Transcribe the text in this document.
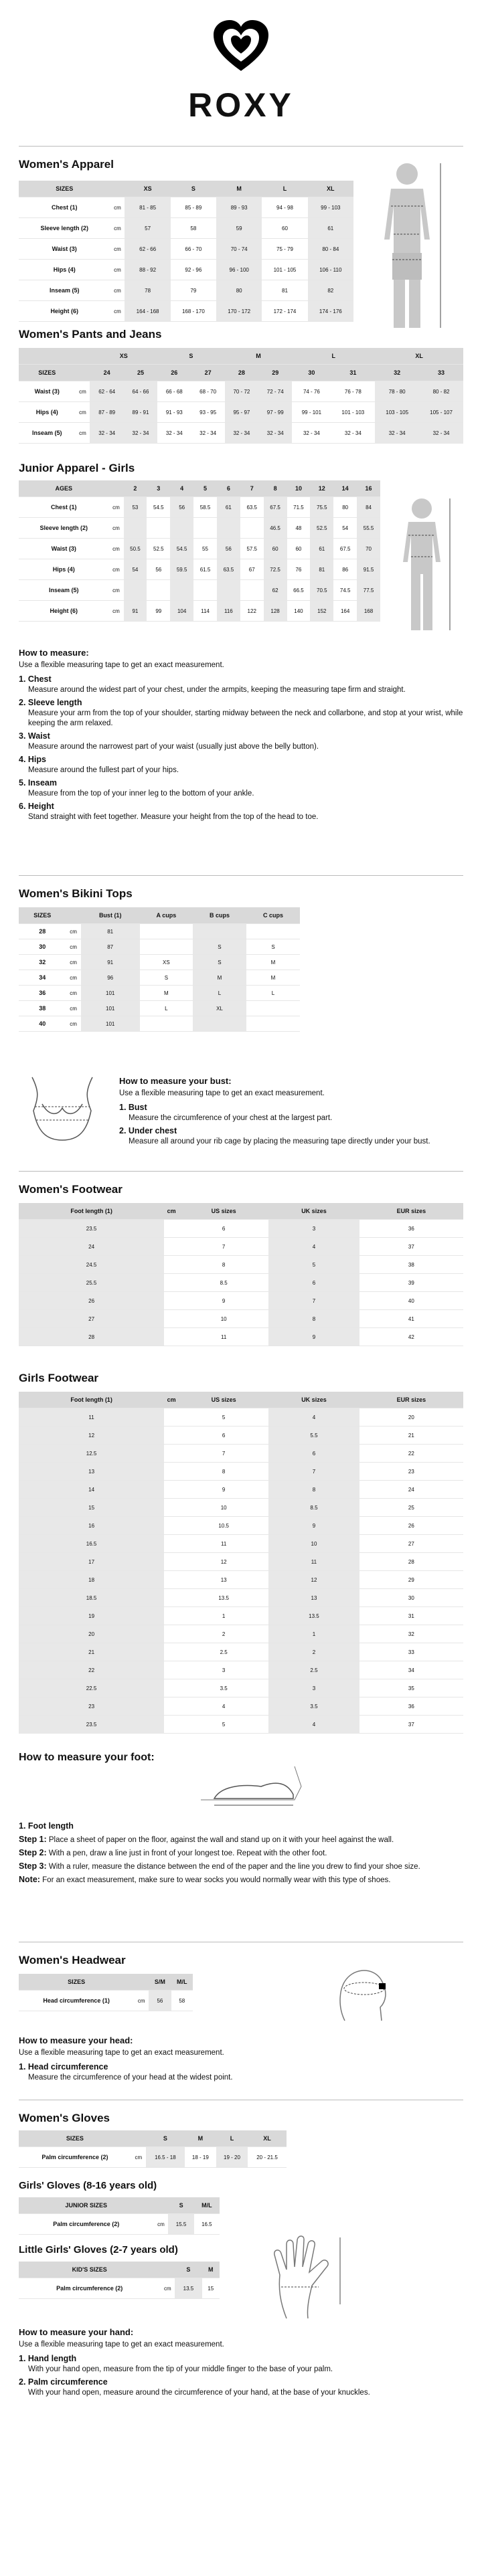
ROXY

Women's Apparel

SIZES		XS	S	M	L	XL
Chest (1)	cm	81 - 85	85 - 89	89 - 93	94 - 98	99 - 103
Sleeve length (2)	cm	57	58	59	60	61
Waist (3)	cm	62 - 66	66 - 70	70 - 74	75 - 79	80 - 84
Hips (4)	cm	88 - 92	92 - 96	96 - 100	101 - 105	106 - 110
Inseam (5)	cm	78	79	80	81	82
Height (6)	cm	164 - 168	168 - 170	170 - 172	172 - 174	174 - 176

Women's Pants and Jeans

		XS		S		M		L		XL	
SIZES		24	25	26	27	28	29	30	31	32	33
Waist (3)	cm	62 - 64	64 - 66	66 - 68	68 - 70	70 - 72	72 - 74	74 - 76	76 - 78	78 - 80	80 - 82
Hips (4)	cm	87 - 89	89 - 91	91 - 93	93 - 95	95 - 97	97 - 99	99 - 101	101 - 103	103 - 105	105 - 107
Inseam (5)	cm	32 - 34	32 - 34	32 - 34	32 - 34	32 - 34	32 - 34	32 - 34	32 - 34	32 - 34	32 - 34

Junior Apparel - Girls

AGES		2	3	4	5	6	7	8	10	12	14	16
Chest (1)	cm	53	54.5	56	58.5	61	63.5	67.5	71.5	75.5	80	84
Sleeve length (2)	cm							46.5	48	52.5	54	55.5
Waist (3)	cm	50.5	52.5	54.5	55	56	57.5	60	60	61	67.5	70
Hips (4)	cm	54	56	59.5	61.5	63.5	67	72.5	76	81	86	91.5
Inseam (5)	cm							62	66.5	70.5	74.5	77.5
Height (6)	cm	91	99	104	114	116	122	128	140	152	164	168
How to measure:
Use a flexible measuring tape to get an exact measurement.
1. Chest
Measure around the widest part of your chest, under the armpits, keeping the measuring tape firm and straight.
2. Sleeve length
Measure your arm from the top of your shoulder, starting midway between the neck and collarbone, and stop at your wrist, while keeping the arm relaxed.
3. Waist
Measure around the narrowest part of your waist (usually just above the belly button).
4. Hips
Measure around the fullest part of your hips.
5. Inseam
Measure from the top of your inner leg to the bottom of your ankle.
6. Height
Stand straight with feet together. Measure your height from the top of the head to toe.

Women's Bikini Tops

SIZES		Bust (1)	A cups	B cups	C cups
28	cm	81			
30	cm	87		S	S
32	cm	91	XS	S	M
34	cm	96	S	M	M
36	cm	101	M	L	L
38	cm	101	L	XL	
40	cm	101			
How to measure your bust:
Use a flexible measuring tape to get an exact measurement.
1. Bust
Measure the circumference of your chest at the largest part.
2. Under chest
Measure all around your rib cage by placing the measuring tape directly under your bust.

Women's Footwear

Foot length (1)	cm	US sizes	UK sizes	EUR sizes
23.5		6	3	36
24		7	4	37
24.5		8	5	38
25.5		8.5	6	39
26		9	7	40
27		10	8	41
28		11	9	42

Girls Footwear

Foot length (1)	cm	US sizes	UK sizes	EUR sizes
11		5	4	20
12		6	5.5	21
12.5		7	6	22
13		8	7	23
14		9	8	24
15		10	8.5	25
16		10.5	9	26
16.5		11	10	27
17		12	11	28
18		13	12	29
18.5		13.5	13	30
19		1	13.5	31
20		2	1	32
21		2.5	2	33
22		3	2.5	34
22.5		3.5	3	35
23		4	3.5	36
23.5		5	4	37

How to measure your foot:

1. Foot length
Step 1: Place a sheet of paper on the floor, against the wall and stand up on it with your heel against the wall.
Step 2: With a pen, draw a line just in front of your longest toe. Repeat with the other foot.
Step 3: With a ruler, measure the distance between the end of the paper and the line you drew to find your shoe size.
Note: For an exact measurement, make sure to wear socks you would normally wear with this type of shoes.

Women's Headwear

SIZES		S/M	M/L
Head circumference (1)	cm	56	58
How to measure your head:
Use a flexible measuring tape to get an exact measurement.
1. Head circumference
Measure the circumference of your head at the widest point.

Women's Gloves

SIZES		S	M	L	XL
Palm circumference (2)	cm	16.5 - 18	18 - 19	19 - 20	20 - 21.5

Girls' Gloves (8-16 years old)

JUNIOR SIZES		S	M/L
Palm circumference (2)	cm	15.5	16.5

Little Girls' Gloves (2-7 years old)

KID'S SIZES		S	M
Palm circumference (2)	cm	13.5	15
How to measure your hand:
Use a flexible measuring tape to get an exact measurement.
1. Hand length
With your hand open, measure from the tip of your middle finger to the base of your palm.
2. Palm circumference
With your hand open, measure around the circumference of your hand, at the base of your knuckles.
